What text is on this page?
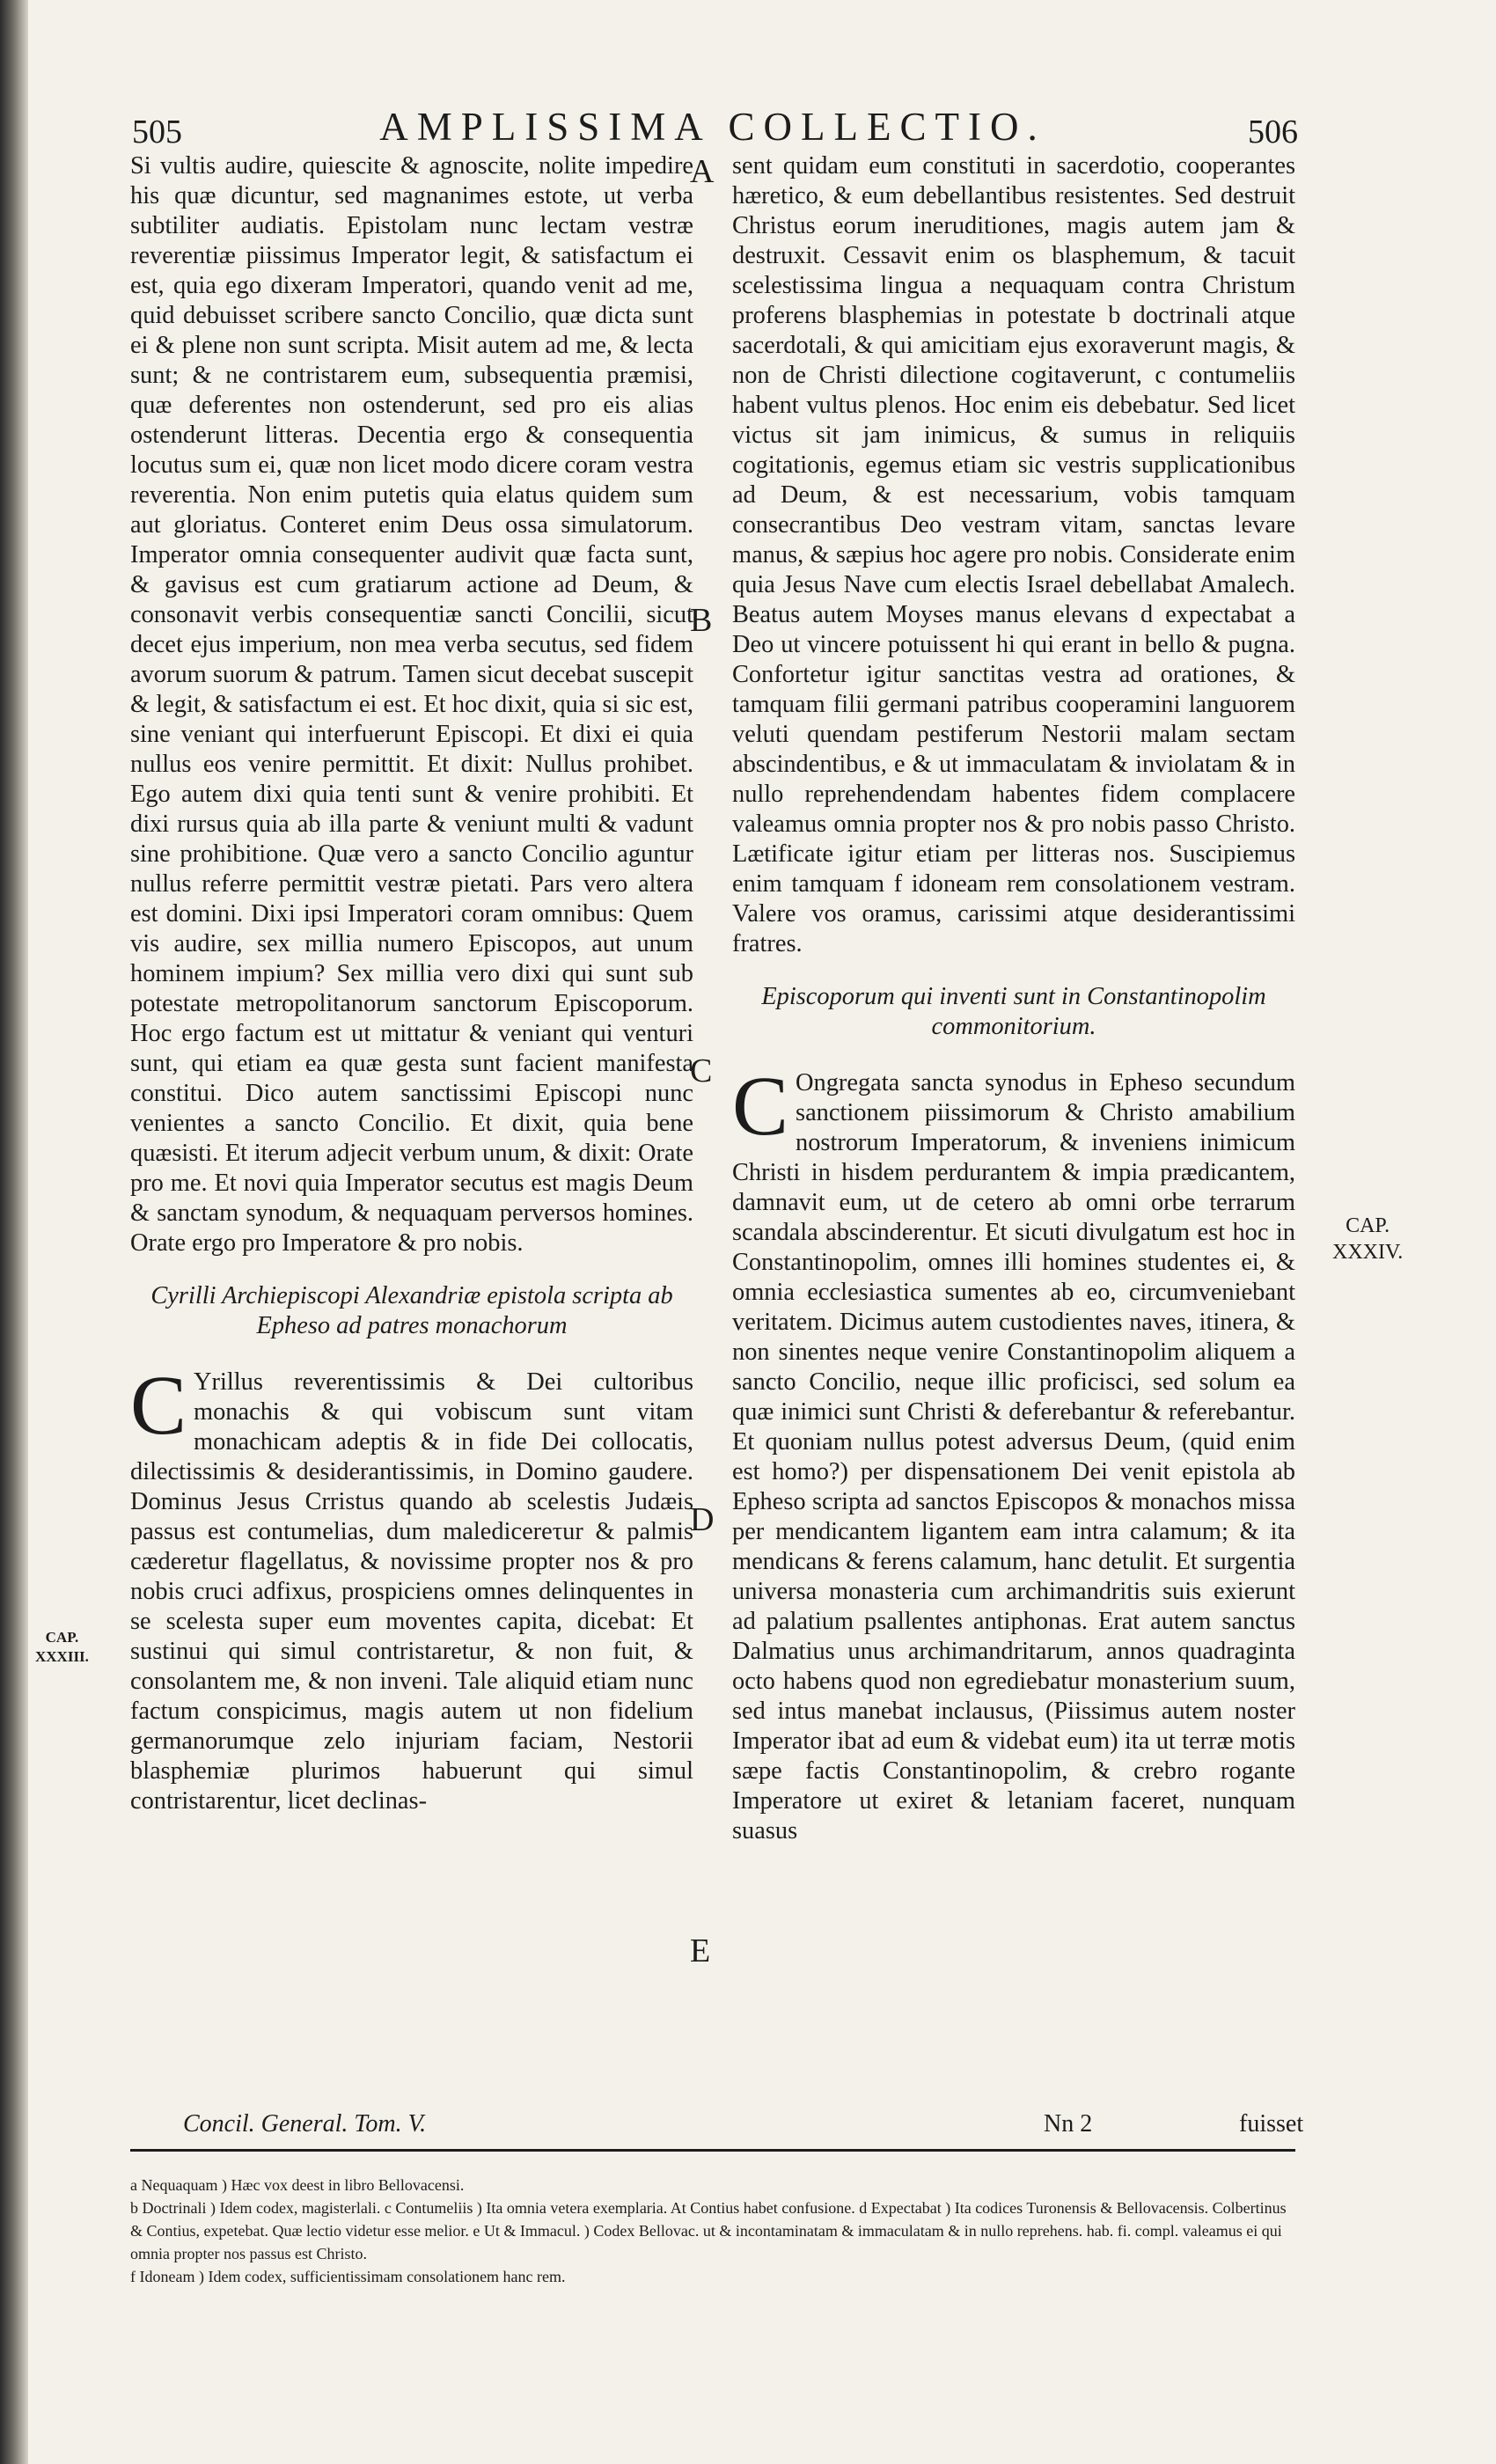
505	AMPLISSIMA COLLECTIO.	506

Si vultis audire, quiescite & agnoscite, nolite impedire his quæ dicuntur, sed magnanimes estote, ut verba subtiliter audiatis. Epistolam nunc lectam vestræ reverentiæ piissimus Imperator legit, & satisfactum ei est, quia ego dixeram Imperatori, quando venit ad me, quid debuisset scribere sancto Concilio, quæ dicta sunt ei & plene non sunt scripta. Misit autem ad me, & lecta sunt; & ne contristarem eum, subsequentia præmisi, quæ deferentes non ostenderunt, sed pro eis alias ostenderunt litteras. Decentia ergo & consequentia locutus sum ei, quæ non licet modo dicere coram vestra reverentia. Non enim putetis quia elatus quidem sum aut gloriatus. Conteret enim Deus ossa simulatorum. Imperator omnia consequenter audivit quæ facta sunt, & gavisus est cum gratiarum actione ad Deum, & consonavit verbis consequentiæ sancti Concilii, sicut decet ejus imperium, non mea verba secutus, sed fidem avorum suorum & patrum. Tamen sicut decebat suscepit & legit, & satisfactum ei est. Et hoc dixit, quia si sic est, sine veniant qui interfuerunt Episcopi. Et dixi ei quia nullus eos venire permittit. Et dixit: Nullus prohibet. Ego autem dixi quia tenti sunt & venire prohibiti. Et dixi rursus quia ab illa parte & veniunt multi & vadunt sine prohibitione. Quæ vero a sancto Concilio aguntur nullus referre permittit vestræ pietati. Pars vero altera est domini. Dixi ipsi Imperatori coram omnibus: Quem vis audire, sex millia numero Episcopos, aut unum hominem impium? Sex millia vero dixi qui sunt sub potestate metropolitanorum sanctorum Episcoporum. Hoc ergo factum est ut mittatur & veniant qui venturi sunt, qui etiam ea quæ gesta sunt facient manifesta constitui. Dico autem sanctissimi Episcopi nunc venientes a sancto Concilio. Et dixit, quia bene quæsisti. Et iterum adjecit verbum unum, & dixit: Orate pro me. Et novi quia Imperator secutus est magis Deum & sanctam synodum, & nequaquam perversos homines. Orate ergo pro Imperatore & pro nobis.

Cyrilli Archiepiscopi Alexandriæ epistola scripta ab Epheso ad patres monachorum

C Yrillus reverentissimis & Dei cultoribus monachis & qui vobiscum sunt vitam monachicam adeptis & in fide Dei collocatis, dilectissimis & desiderantissimis, in Domino gaudere. Dominus Jesus Crristus quando ab scelestis Judæis passus est contumelias, dum maledicereτur & palmis cæderetur flagellatus, & novissime propter nos & pro nobis cruci adfixus, prospiciens omnes delinquentes in se scelesta super eum moventes capita, dicebat: Et sustinui qui simul contristaretur, & non fuit, & consolantem me, & non inveni. Tale aliquid etiam nunc factum conspicimus, magis autem ut non fidelium germanorumque zelo injuriam faciam, Nestorii blasphemiæ plurimos habuerunt qui simul contristarentur, licet declinas-

sent quidam eum constituti in sacerdotio, cooperantes hæretico, & eum debellantibus resistentes. Sed destruit Christus eorum ineruditiones, magis autem jam & destruxit. Cessavit enim os blasphemum, & tacuit scelestissima lingua a nequaquam contra Christum proferens blasphemias in potestate b doctrinali atque sacerdotali, & qui amicitiam ejus exoraverunt magis, & non de Christi dilectione cogitaverunt, c contumeliis habent vultus plenos. Hoc enim eis debebatur. Sed licet victus sit jam inimicus, & sumus in reliquiis cogitationis, egemus etiam sic vestris supplicationibus ad Deum, & est necessarium, vobis tamquam consecrantibus Deo vestram vitam, sanctas levare manus, & sæpius hoc agere pro nobis. Considerate enim quia Jesus Nave cum electis Israel debellabat Amalech. Beatus autem Moyses manus elevans d expectabat a Deo ut vincere potuissent hi qui erant in bello & pugna. Confortetur igitur sanctitas vestra ad orationes, & tamquam filii germani patribus cooperamini languorem veluti quendam pestiferum Nestorii malam sectam abscindentibus, e & ut immaculatam & inviolatam & in nullo reprehendendam habentes fidem complacere valeamus omnia propter nos & pro nobis passo Christo. Lætificate igitur etiam per litteras nos. Suscipiemus enim tamquam f idoneam rem consolationem vestram. Valere vos oramus, carissimi atque desiderantissimi fratres.

Episcoporum qui inventi sunt in Constantinopolim commonitorium.

C Ongregata sancta synodus in Epheso secundum sanctionem piissimorum & Christo amabilium nostrorum Imperatorum, & inveniens inimicum Christi in hisdem perdurantem & impia prædicantem, damnavit eum, ut de cetero ab omni orbe terrarum scandala abscinderentur. Et sicuti divulgatum est hoc in Constantinopolim, omnes illi homines studentes ei, & omnia ecclesiastica sumentes ab eo, circumveniebant veritatem. Dicimus autem custodientes naves, itinera, & non sinentes neque venire Constantinopolim aliquem a sancto Concilio, neque illic proficisci, sed solum ea quæ inimici sunt Christi & deferebantur & referebantur. Et quoniam nullus potest adversus Deum, (quid enim est homo?) per dispensationem Dei venit epistola ab Epheso scripta ad sanctos Episcopos & monachos missa per mendicantem ligantem eam intra calamum; & ita mendicans & ferens calamum, hanc detulit. Et surgentia universa monasteria cum archimandritis suis exierunt ad palatium psallentes antiphonas. Erat autem sanctus Dalmatius unus archimandritarum, annos quadraginta octo habens quod non egrediebatur monasterium suum, sed intus manebat inclausus, (Piissimus autem noster Imperator ibat ad eum & videbat eum) ita ut terræ motis sæpe factis Constantinopolim, & crebro rogante Imperatore ut exiret & letaniam faceret, nunquam suasus

A
B
C
D
E
CAP.
XXXIII.
CAP.
XXXIV.
Concil. General. Tom. V.	Nn 2	fuisset

a Nequaquam ) Hæc vox deest in libro Bellovacensi.

b Doctrinali ) Idem codex, magisterlali. c Contumeliis ) Ita omnia vetera exemplaria. At Contius habet confusione. d Expectabat ) Ita codices Turonensis & Bellovacensis. Colbertinus & Contius, expetebat. Quæ lectio videtur esse melior. e Ut & Immacul. ) Codex Bellovac. ut & incontaminatam & immaculatam & in nullo reprehens. hab. fi. compl. valeamus ei qui omnia propter nos passus est Christo.

f Idoneam ) Idem codex, sufficientissimam consolationem hanc rem.
